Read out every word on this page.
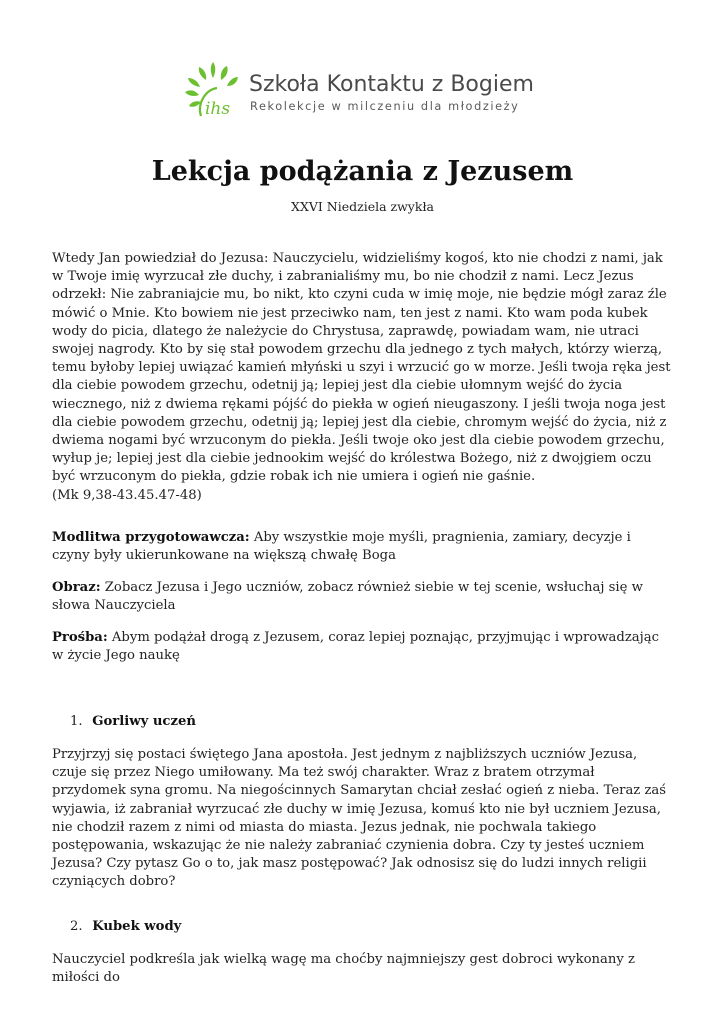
ihs
Szkoła Kontaktu z Bogiem
Rekolekcje w milczeniu dla młodzieży
Lekcja podążania z Jezusem
XXVI Niedziela zwykła

Wtedy Jan powiedział do Jezusa: Nauczycielu, widzieliśmy kogoś, kto nie chodzi z nami, jak w Twoje imię wyrzucał złe duchy, i zabranialiśmy mu, bo nie chodził z nami. Lecz Jezus odrzekł: Nie zabraniajcie mu, bo nikt, kto czyni cuda w imię moje, nie będzie mógł zaraz źle mówić o Mnie. Kto bowiem nie jest przeciwko nam, ten jest z nami. Kto wam poda kubek wody do picia, dlatego że należycie do Chrystusa, zaprawdę, powiadam wam, nie utraci swojej nagrody. Kto by się stał powodem grzechu dla jednego z tych małych, którzy wierzą, temu byłoby lepiej uwiązać kamień młyński u szyi i wrzucić go w morze. Jeśli twoja ręka jest dla ciebie powodem grzechu, odetnij ją; lepiej jest dla ciebie ułomnym wejść do życia wiecznego, niż z dwiema rękami pójść do piekła w ogień nieugaszony. I jeśli twoja noga jest dla ciebie powodem grzechu, odetnij ją; lepiej jest dla ciebie, chromym wejść do życia, niż z dwiema nogami być wrzuconym do piekła. Jeśli twoje oko jest dla ciebie powodem grzechu, wyłup je; lepiej jest dla ciebie jednookim wejść do królestwa Bożego, niż z dwojgiem oczu być wrzuconym do piekła, gdzie robak ich nie umiera i ogień nie gaśnie.

(Mk 9,38-43.45.47-48)

Modlitwa przygotowawcza: Aby wszystkie moje myśli, pragnienia, zamiary, decyzje i czyny były ukierunkowane na większą chwałę Boga

Obraz: Zobacz Jezusa i Jego uczniów, zobacz również siebie w tej scenie, wsłuchaj się w słowa Nauczyciela

Prośba: Abym podążał drogą z Jezusem, coraz lepiej poznając, przyjmując i wprowadzając w życie Jego naukę

1. Gorliwy uczeń

Przyjrzyj się postaci świętego Jana apostoła. Jest jednym z najbliższych uczniów Jezusa, czuje się przez Niego umiłowany. Ma też swój charakter. Wraz z bratem otrzymał przydomek syna gromu. Na niegościnnych Samarytan chciał zesłać ogień z nieba. Teraz zaś wyjawia, iż zabraniał wyrzucać złe duchy w imię Jezusa, komuś kto nie był uczniem Jezusa, nie chodził razem z nimi od miasta do miasta. Jezus jednak, nie pochwala takiego postępowania, wskazując że nie należy zabraniać czynienia dobra. Czy ty jesteś uczniem Jezusa? Czy pytasz Go o to, jak masz postępować? Jak odnosisz się do ludzi innych religii czyniących dobro?

2. Kubek wody

Nauczyciel podkreśla jak wielką wagę ma choćby najmniejszy gest dobroci wykonany z miłości do
